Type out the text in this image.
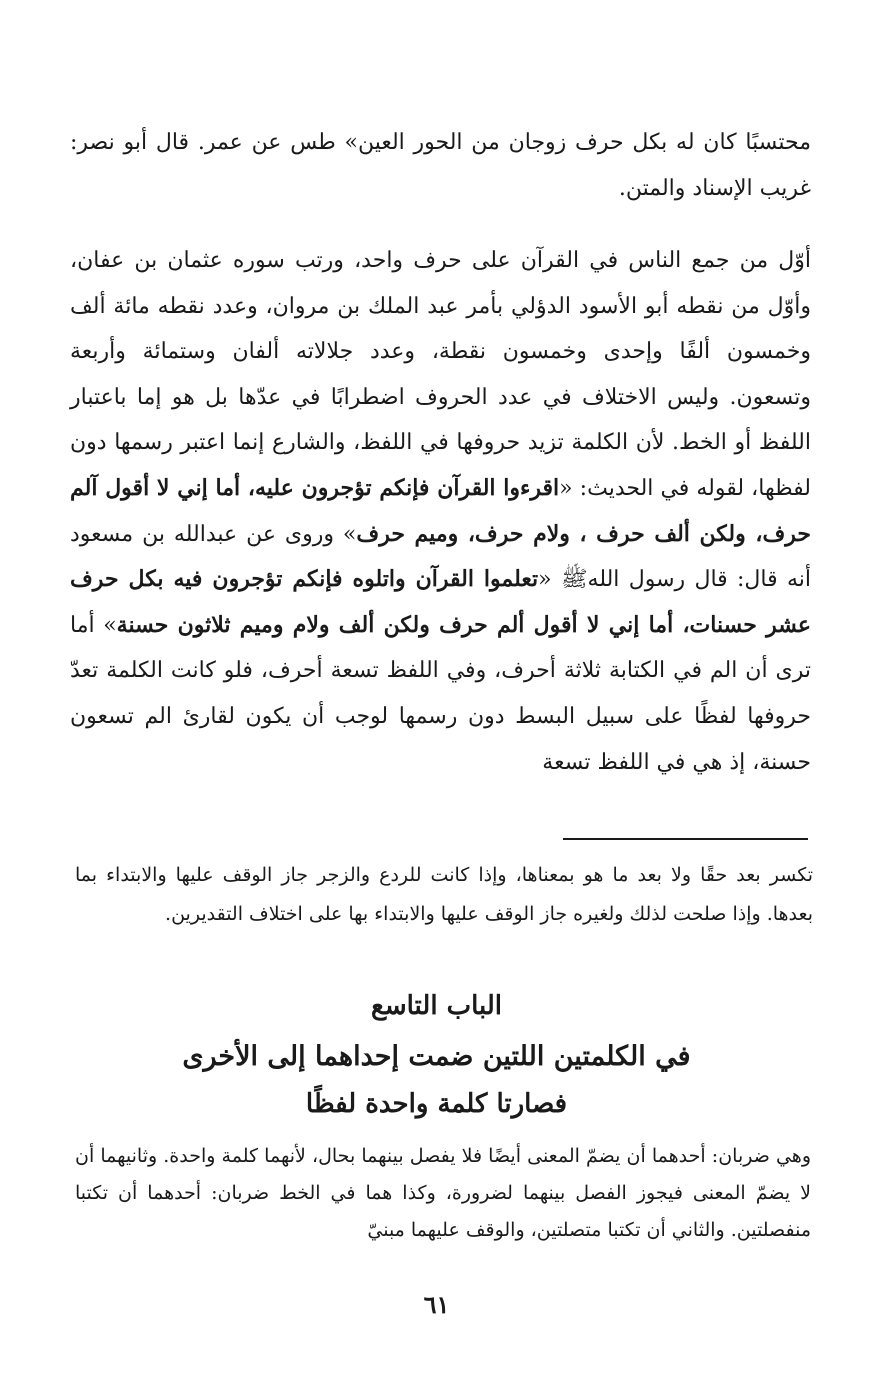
محتسبًا كان له بكل حرف زوجان من الحور العين» طس عن عمر. قال أبو نصر: غريب الإسناد والمتن.

أوّل من جمع الناس في القرآن على حرف واحد، ورتب سوره عثمان بن عفان، وأوّل من نقطه أبو الأسود الدؤلي بأمر عبد الملك بن مروان، وعدد نقطه مائة ألف وخمسون ألفًا وإحدى وخمسون نقطة، وعدد جلالاته ألفان وستمائة وأربعة وتسعون. وليس الاختلاف في عدد الحروف اضطرابًا في عدّها بل هو إما باعتبار اللفظ أو الخط. لأن الكلمة تزيد حروفها في اللفظ، والشارع إنما اعتبر رسمها دون لفظها، لقوله في الحديث: «اقرءوا القرآن فإنكم تؤجرون عليه، أما إني لا أقول آلم حرف، ولكن ألف حرف ، ولام حرف، وميم حرف» وروى عن عبدالله بن مسعود أنه قال: قال رسول اللهﷺ «تعلموا القرآن واتلوه فإنكم تؤجرون فيه بكل حرف عشر حسنات، أما إني لا أقول ألم حرف ولكن ألف ولام وميم ثلاثون حسنة» أما ترى أن الم في الكتابة ثلاثة أحرف، وفي اللفظ تسعة أحرف، فلو كانت الكلمة تعدّ حروفها لفظًا على سبيل البسط دون رسمها لوجب أن يكون لقارئ الم تسعون حسنة، إذ هي في اللفظ تسعة

تكسر بعد حقًا ولا بعد ما هو بمعناها، وإذا كانت للردع والزجر جاز الوقف عليها والابتداء بما بعدها. وإذا صلحت لذلك ولغيره جاز الوقف عليها والابتداء بها على اختلاف التقديرين.

الباب التاسع
في الكلمتين اللتين ضمت إحداهما إلى الأخرى
فصارتا كلمة واحدة لفظًا

وهي ضربان: أحدهما أن يضمّ المعنى أيضًا فلا يفصل بينهما بحال، لأنهما كلمة واحدة. وثانيهما أن لا يضمّ المعنى فيجوز الفصل بينهما لضرورة، وكذا هما في الخط ضربان: أحدهما أن تكتبا منفصلتين. والثاني أن تكتبا متصلتين، والوقف عليهما مبنيّ

٦١
